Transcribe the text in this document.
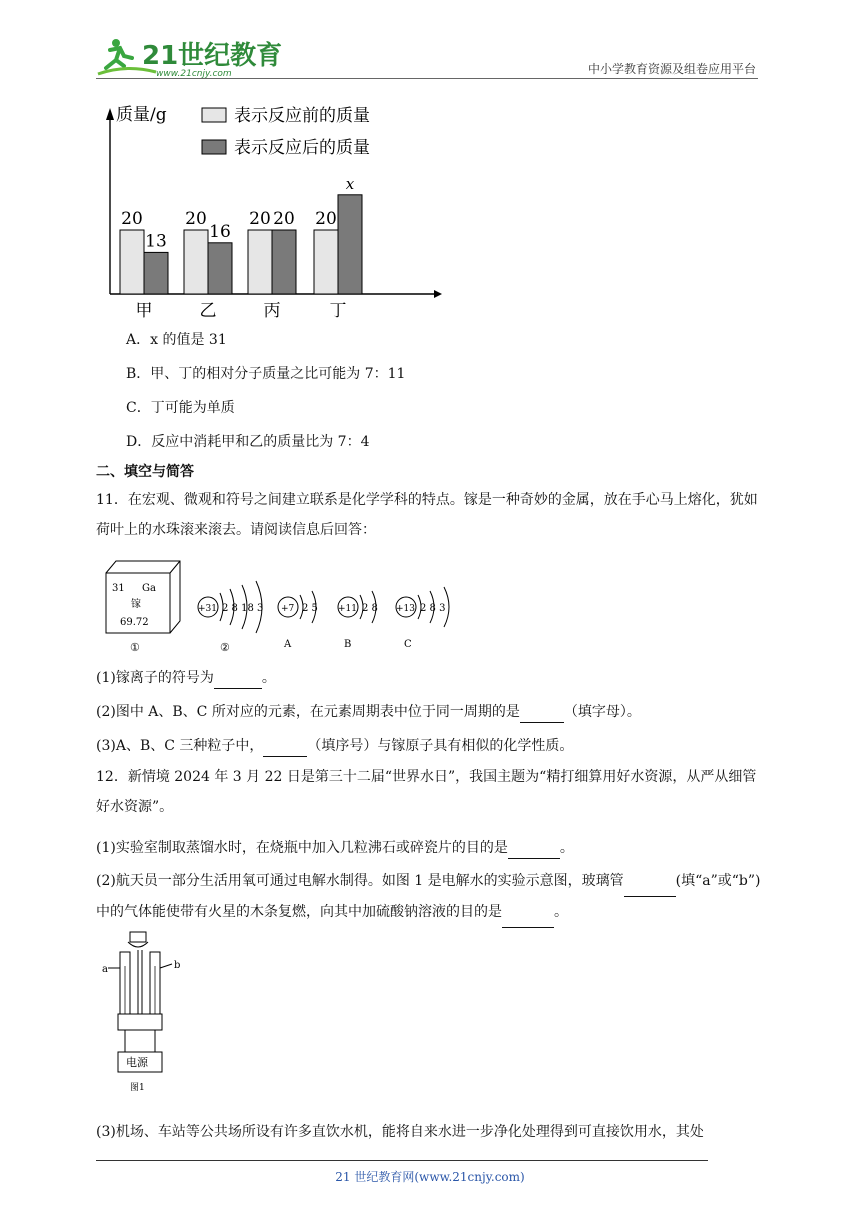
21世纪教育
www.21cnjy.com	中小学教育资源及组卷应用平台
质量/g	表示反应前的质量
表示反应后的质量
20
13
甲
20
16
乙
20 20
丙
20
x
丁
A．x 的值是 31
B．甲、丁的相对分子质量之比可能为 7：11
C．丁可能为单质
D．反应中消耗甲和乙的质量比为 7：4
二、填空与简答
11．在宏观、微观和符号之间建立联系是化学学科的特点。镓是一种奇妙的金属，放在手心马上熔化，犹如荷叶上的水珠滚来滚去。请阅读信息后回答：
31 Ga
镓
69.72
①
+31 2 8 18 3
②
+7 2 5
A
+11 2 8
B
+13 2 8 3
C
(1)镓离子的符号为	。
(2)图中 A、B、C 所对应的元素，在元素周期表中位于同一周期的是	（填字母）。
(3)A、B、C 三种粒子中，	（填序号）与镓原子具有相似的化学性质。
12．新情境 2024 年 3 月 22 日是第三十二届“世界水日”，我国主题为“精打细算用好水资源，从严从细管好水资源”。
(1)实验室制取蒸馏水时，在烧瓶中加入几粒沸石或碎瓷片的目的是	。
(2)航天员一部分生活用氧可通过电解水制得。如图 1 是电解水的实验示意图，玻璃管	(填“a”或“b”)中的气体能使带有火星的木条复燃，向其中加硫酸钠溶液的目的是	。
a	b
电源
图1
(3)机场、车站等公共场所设有许多直饮水机，能将自来水进一步净化处理得到可直接饮用水，其处
21 世纪教育网(www.21cnjy.com)
